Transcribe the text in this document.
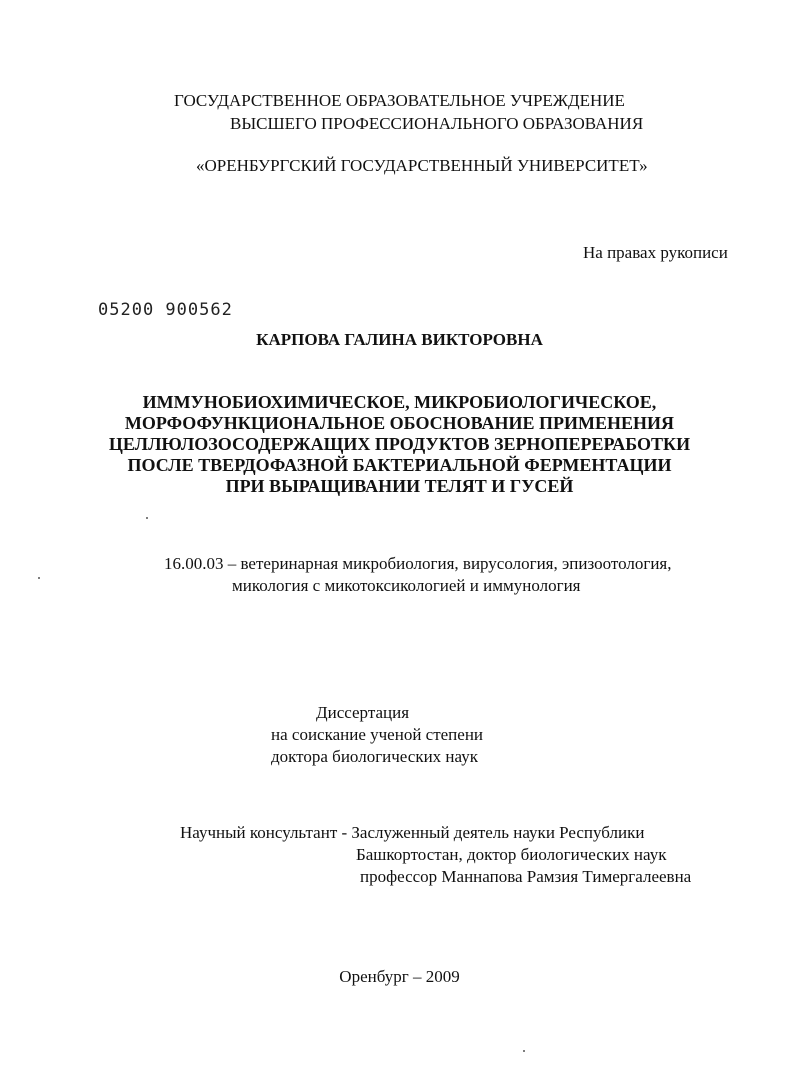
ГОСУДАРСТВЕННОЕ ОБРАЗОВАТЕЛЬНОЕ УЧРЕЖДЕНИЕ
ВЫСШЕГО ПРОФЕССИОНАЛЬНОГО ОБРАЗОВАНИЯ
«ОРЕНБУРГСКИЙ ГОСУДАРСТВЕННЫЙ УНИВЕРСИТЕТ»
На правах рукописи
05200 900562
КАРПОВА ГАЛИНА ВИКТОРОВНА
ИММУНОБИОХИМИЧЕСКОЕ, МИКРОБИОЛОГИЧЕСКОЕ,
МОРФОФУНКЦИОНАЛЬНОЕ ОБОСНОВАНИЕ ПРИМЕНЕНИЯ
ЦЕЛЛЮЛОЗОСОДЕРЖАЩИХ ПРОДУКТОВ ЗЕРНОПЕРЕРАБОТКИ
ПОСЛЕ ТВЕРДОФАЗНОЙ БАКТЕРИАЛЬНОЙ ФЕРМЕНТАЦИИ
ПРИ ВЫРАЩИВАНИИ ТЕЛЯТ И ГУСЕЙ
16.00.03 – ветеринарная микробиология, вирусология, эпизоотология,
микология с микотоксикологией и иммунология
Диссертация
на соискание ученой степени
доктора биологических наук
Научный консультант - Заслуженный деятель науки Республики
Башкортостан, доктор биологических наук
профессор Маннапова Рамзия Тимергалеевна
Оренбург – 2009
